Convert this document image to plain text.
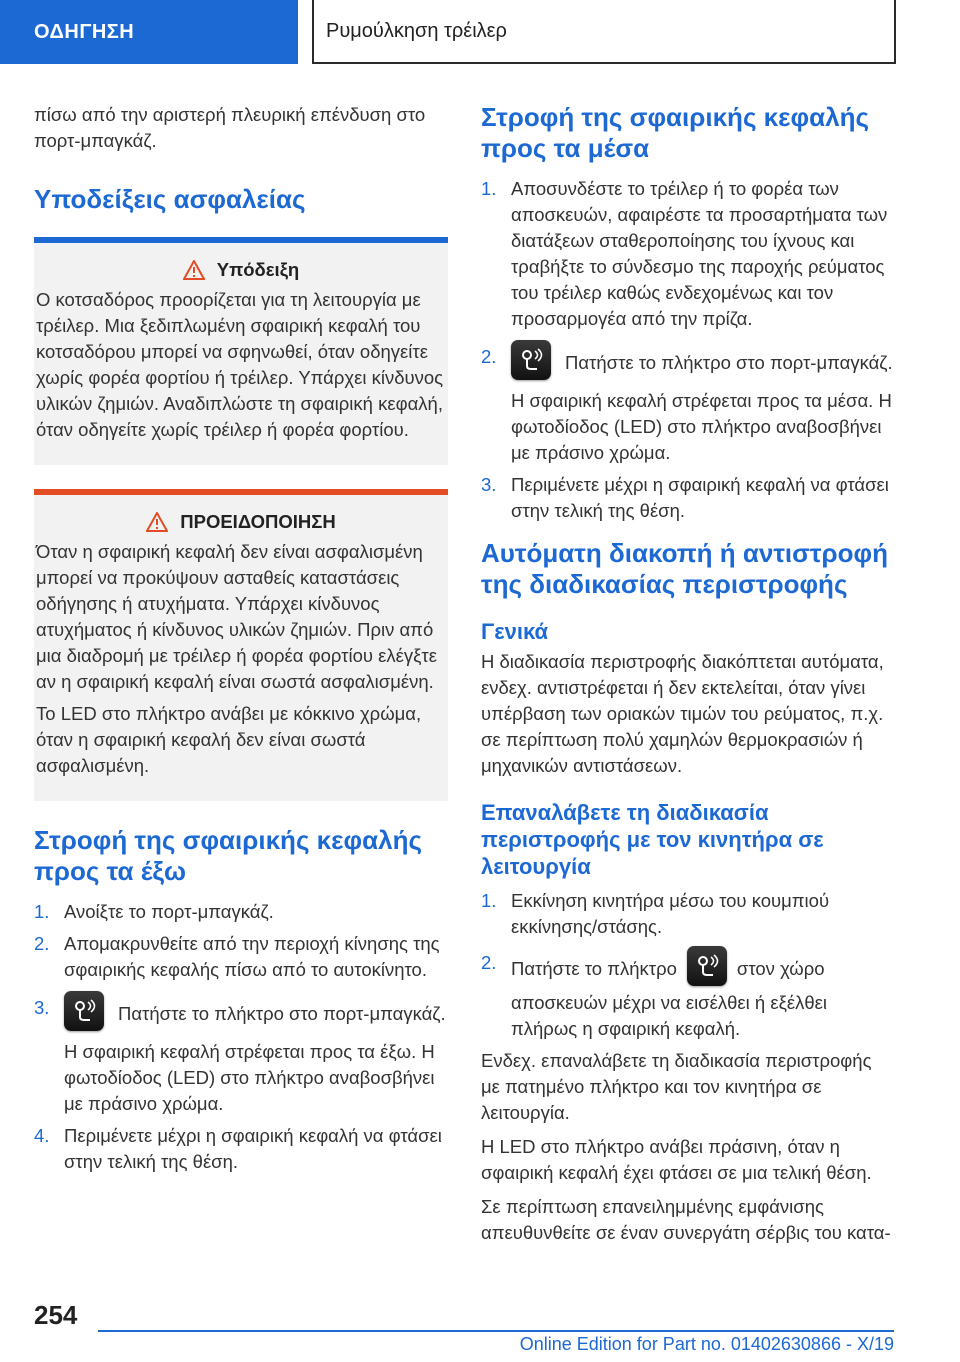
ΟΔΗΓΗΣΗ	Ρυμούλκηση τρέιλερ

πίσω από την αριστερή πλευρική επένδυση στο πορτ-μπαγκάζ.

Υποδείξεις ασφαλείας
Υπόδειξη

Ο κοτσαδόρος προορίζεται για τη λειτουργία με τρέιλερ. Μια ξεδιπλωμένη σφαιρική κεφαλή του κοτσαδόρου μπορεί να σφηνωθεί, όταν οδηγείτε χωρίς φορέα φορτίου ή τρέιλερ. Υπάρχει κίνδυνος υλικών ζημιών. Αναδιπλώστε τη σφαιρική κεφαλή, όταν οδηγείτε χωρίς τρέιλερ ή φορέα φορτίου.

ΠΡΟΕΙΔΟΠΟΙΗΣΗ

Όταν η σφαιρική κεφαλή δεν είναι ασφαλισμένη μπορεί να προκύψουν ασταθείς καταστάσεις οδήγησης ή ατυχήματα. Υπάρχει κίνδυνος ατυχήματος ή κίνδυνος υλικών ζημιών. Πριν από μια διαδρομή με τρέιλερ ή φορέα φορτίου ελέγξτε αν η σφαιρική κεφαλή είναι σωστά ασφαλισμένη.

Το LED στο πλήκτρο ανάβει με κόκκινο χρώμα, όταν η σφαιρική κεφαλή δεν είναι σωστά ασφαλισμένη.

Στροφή της σφαιρικής κεφαλής προς τα έξω
1. Ανοίξτε το πορτ-μπαγκάζ.
2. Απομακρυνθείτε από την περιοχή κίνησης της σφαιρικής κεφαλής πίσω από το αυτοκίνητο.
3.	Πατήστε το πλήκτρο στο πορτ-μπαγκάζ.
Η σφαιρική κεφαλή στρέφεται προς τα έξω. Η φωτοδίοδος (LED) στο πλήκτρο αναβοσβήνει με πράσινο χρώμα.
4. Περιμένετε μέχρι η σφαιρική κεφαλή να φτάσει στην τελική της θέση.
Στροφή της σφαιρικής κεφαλής προς τα μέσα
1. Αποσυνδέστε το τρέιλερ ή το φορέα των αποσκευών, αφαιρέστε τα προσαρτήματα των διατάξεων σταθεροποίησης του ίχνους και τραβήξτε το σύνδεσμο της παροχής ρεύματος του τρέιλερ καθώς ενδεχομένως και τον προσαρμογέα από την πρίζα.
2.	Πατήστε το πλήκτρο στο πορτ-μπαγκάζ.
Η σφαιρική κεφαλή στρέφεται προς τα μέσα. Η φωτοδίοδος (LED) στο πλήκτρο αναβοσβήνει με πράσινο χρώμα.
3. Περιμένετε μέχρι η σφαιρική κεφαλή να φτάσει στην τελική της θέση.
Αυτόματη διακοπή ή αντιστροφή της διαδικασίας περιστροφής
Γενικά

Η διαδικασία περιστροφής διακόπτεται αυτόματα, ενδεχ. αντιστρέφεται ή δεν εκτελείται, όταν γίνει υπέρβαση των οριακών τιμών του ρεύματος, π.χ. σε περίπτωση πολύ χαμηλών θερμοκρασιών ή μηχανικών αντιστάσεων.

Επαναλάβετε τη διαδικασία περιστροφής με τον κινητήρα σε λειτουργία
1. Εκκίνηση κινητήρα μέσω του κουμπιού εκκίνησης/στάσης.
2. Πατήστε το πλήκτρο	στον χώρο αποσκευών μέχρι να εισέλθει ή εξέλθει πλήρως η σφαιρική κεφαλή.

Ενδεχ. επαναλάβετε τη διαδικασία περιστροφής με πατημένο πλήκτρο και τον κινητήρα σε λειτουργία.

Η LED στο πλήκτρο ανάβει πράσινη, όταν η σφαιρική κεφαλή έχει φτάσει σε μια τελική θέση.

Σε περίπτωση επανειλημμένης εμφάνισης απευθυνθείτε σε έναν συνεργάτη σέρβις του κατα-

254
Online Edition for Part no. 01402630866 - X/19
